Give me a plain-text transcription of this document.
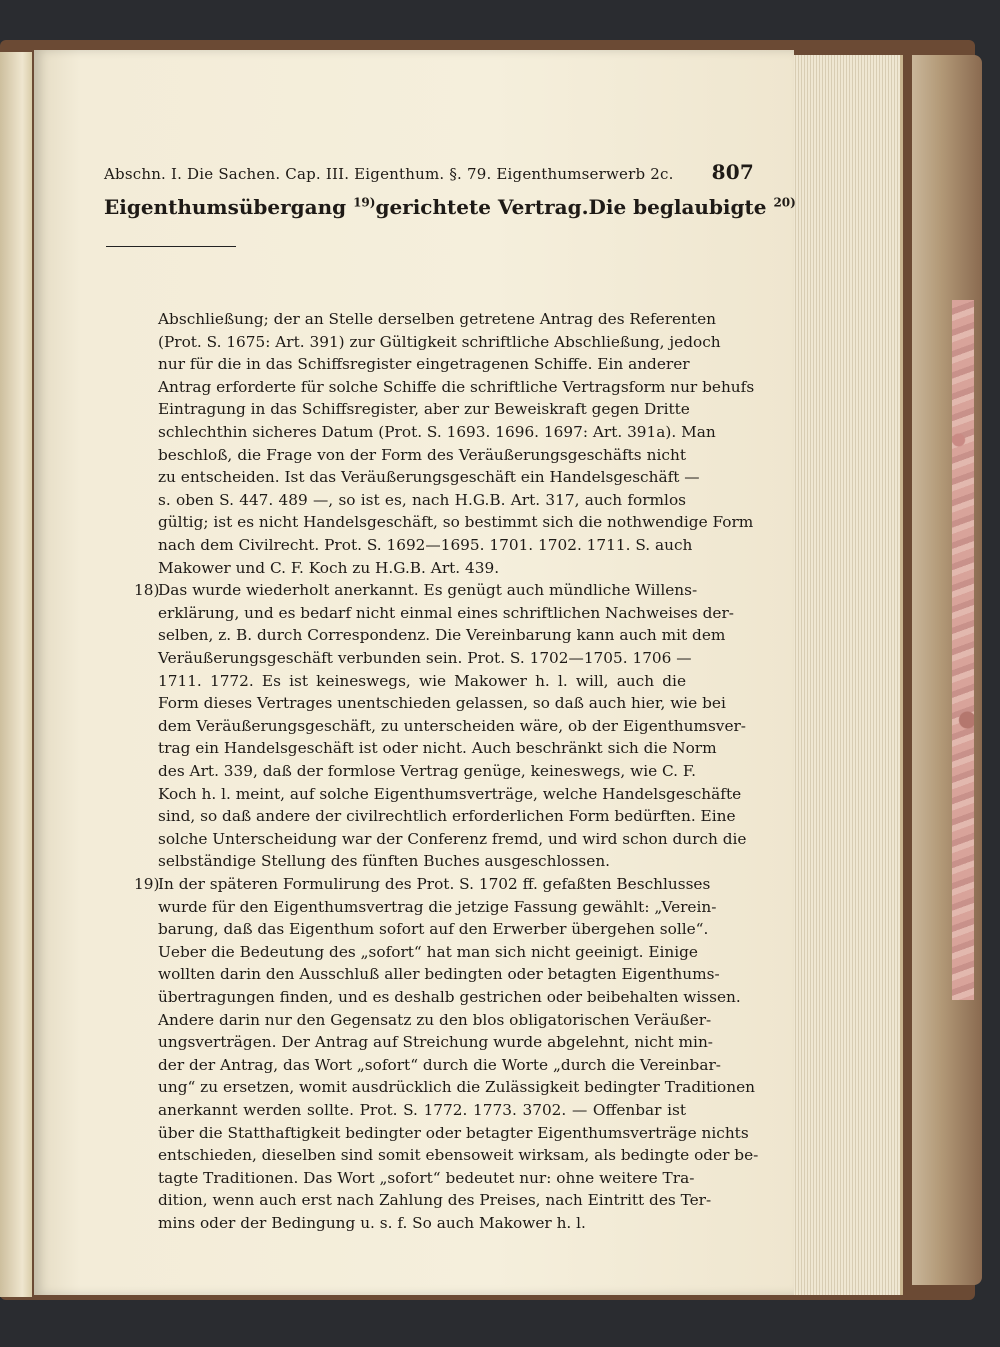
Abschn. I. Die Sachen. Cap. III. Eigenthum. §. 79. Eigenthumserwerb 2c. 807
Eigenthumsübergang $^{19)}$ gerichtete Vertrag. Die beglaubigte $^{20)}$
Abschließung; der an Stelle derselben getretene Antrag des Referenten
(Prot. S. 1675: Art. 391) zur Gültigkeit schriftliche Abschließung, jedoch
nur für die in das Schiffsregister eingetragenen Schiffe. Ein anderer
Antrag erforderte für solche Schiffe die schriftliche Vertragsform nur behufs
Eintragung in das Schiffsregister, aber zur Beweiskraft gegen Dritte
schlechthin sicheres Datum (Prot. S. 1693. 1696. 1697: Art. 391a). Man
beschloß, die Frage von der Form des Veräußerungsgeschäfts nicht
zu entscheiden. Ist das Veräußerungsgeschäft ein Handelsgeschäft —
s. oben S. 447. 489 —, so ist es, nach H.G.B. Art. 317, auch formlos
gültig; ist es nicht Handelsgeschäft, so bestimmt sich die nothwendige Form
nach dem Civilrecht. Prot. S. 1692—1695. 1701. 1702. 1711. S. auch
Makower und C. F. Koch zu H.G.B. Art. 439.
18)
Das wurde wiederholt anerkannt. Es genügt auch mündliche Willens-
erklärung, und es bedarf nicht einmal eines schriftlichen Nachweises der-
selben, z. B. durch Correspondenz. Die Vereinbarung kann auch mit dem
Veräußerungsgeschäft verbunden sein. Prot. S. 1702—1705. 1706 —
1711. 1772. Es ist keineswegs, wie Makower h. l. will, auch die
Form dieses Vertrages unentschieden gelassen, so daß auch hier, wie bei
dem Veräußerungsgeschäft, zu unterscheiden wäre, ob der Eigenthumsver-
trag ein Handelsgeschäft ist oder nicht. Auch beschränkt sich die Norm
des Art. 339, daß der formlose Vertrag genüge, keineswegs, wie C. F.
Koch h. l. meint, auf solche Eigenthumsverträge, welche Handelsgeschäfte
sind, so daß andere der civilrechtlich erforderlichen Form bedürften. Eine
solche Unterscheidung war der Conferenz fremd, und wird schon durch die
selbständige Stellung des fünften Buches ausgeschlossen.
19)
In der späteren Formulirung des Prot. S. 1702 ff. gefaßten Beschlusses
wurde für den Eigenthumsvertrag die jetzige Fassung gewählt: „Verein-
barung, daß das Eigenthum sofort auf den Erwerber übergehen solle“.
Ueber die Bedeutung des „sofort“ hat man sich nicht geeinigt. Einige
wollten darin den Ausschluß aller bedingten oder betagten Eigenthums-
übertragungen finden, und es deshalb gestrichen oder beibehalten wissen.
Andere darin nur den Gegensatz zu den blos obligatorischen Veräußer-
ungsverträgen. Der Antrag auf Streichung wurde abgelehnt, nicht min-
der der Antrag, das Wort „sofort“ durch die Worte „durch die Vereinbar-
ung“ zu ersetzen, womit ausdrücklich die Zulässigkeit bedingter Traditionen
anerkannt werden sollte. Prot. S. 1772. 1773. 3702. — Offenbar ist
über die Statthaftigkeit bedingter oder betagter Eigenthumsverträge nichts
entschieden, dieselben sind somit ebensoweit wirksam, als bedingte oder be-
tagte Traditionen. Das Wort „sofort“ bedeutet nur: ohne weitere Tra-
dition, wenn auch erst nach Zahlung des Preises, nach Eintritt des Ter-
mins oder der Bedingung u. s. f. So auch Makower h. l.
